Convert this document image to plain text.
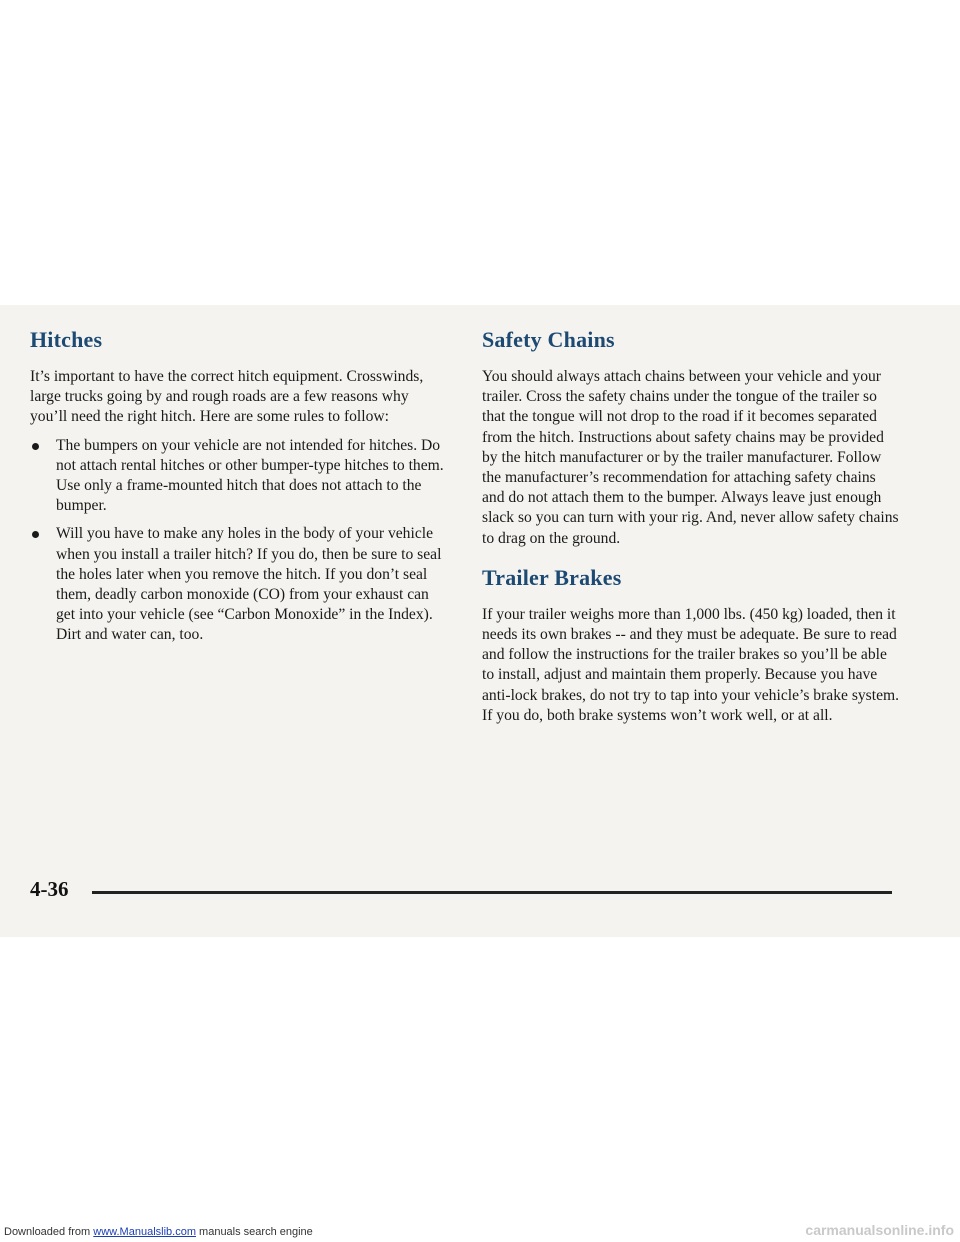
Hitches

It’s important to have the correct hitch equipment. Crosswinds, large trucks going by and rough roads are a few reasons why you’ll need the right hitch. Here are some rules to follow:

The bumpers on your vehicle are not intended for hitches. Do not attach rental hitches or other bumper-type hitches to them. Use only a frame-mounted hitch that does not attach to the bumper.
Will you have to make any holes in the body of your vehicle when you install a trailer hitch? If you do, then be sure to seal the holes later when you remove the hitch. If you don’t seal them, deadly carbon monoxide (CO) from your exhaust can get into your vehicle (see “Carbon Monoxide” in the Index). Dirt and water can, too.
Safety Chains

You should always attach chains between your vehicle and your trailer. Cross the safety chains under the tongue of the trailer so that the tongue will not drop to the road if it becomes separated from the hitch. Instructions about safety chains may be provided by the hitch manufacturer or by the trailer manufacturer. Follow the manufacturer’s recommendation for attaching safety chains and do not attach them to the bumper. Always leave just enough slack so you can turn with your rig. And, never allow safety chains to drag on the ground.

Trailer Brakes

If your trailer weighs more than 1,000 lbs. (450 kg) loaded, then it needs its own brakes -- and they must be adequate. Be sure to read and follow the instructions for the trailer brakes so you’ll be able to install, adjust and maintain them properly. Because you have anti-lock brakes, do not try to tap into your vehicle’s brake system. If you do, both brake systems won’t work well, or at all.

4-36
Downloaded from www.Manualslib.com manuals search engine	carmanualsonline.info
